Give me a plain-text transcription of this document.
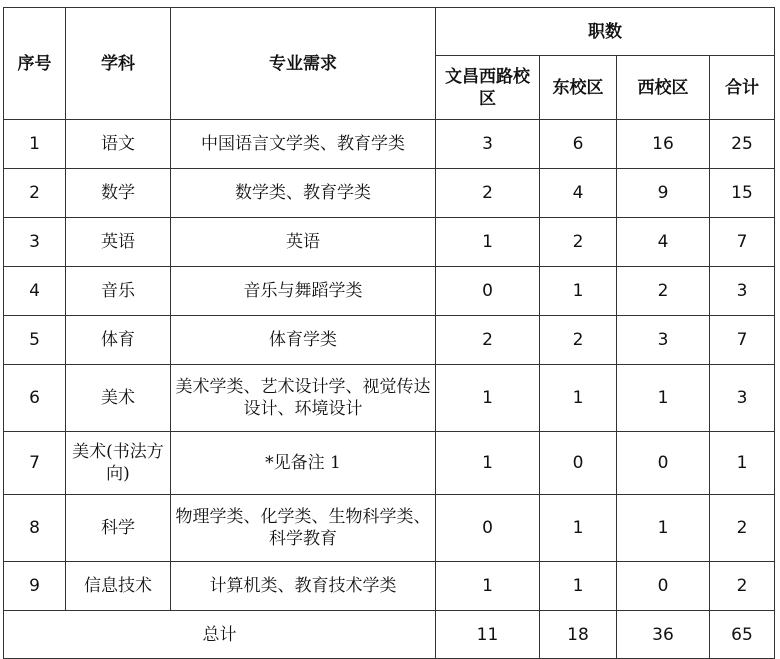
序号	学科	专业需求	职数			
			文昌西路校区	东校区	西校区	合计
1	语文	中国语言文学类、教育学类	3	6	16	25
2	数学	数学类、教育学类	2	4	9	15
3	英语	英语	1	2	4	7
4	音乐	音乐与舞蹈学类	0	1	2	3
5	体育	体育学类	2	2	3	7
6	美术	美术学类、艺术设计学、视觉传达设计、环境设计	1	1	1	3
7	美术(书法方向)	*见备注 1	1	0	0	1
8	科学	物理学类、化学类、生物科学类、科学教育	0	1	1	2
9	信息技术	计算机类、教育技术学类	1	1	0	2
总计			11	18	36	65
